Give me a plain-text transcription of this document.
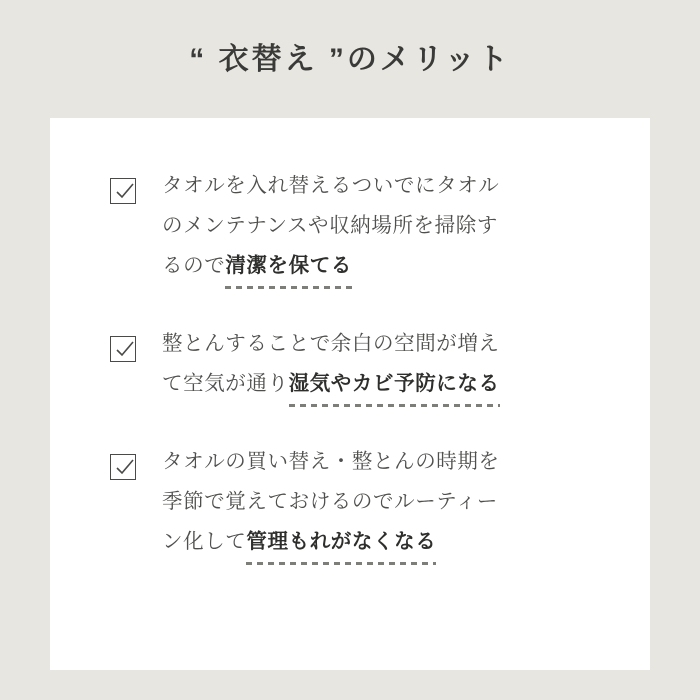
“ 衣替え ”のメリット
タオルを入れ替えるついでにタオル
のメンテナンスや収納場所を掃除す
るので清潔を保てる
整とんすることで余白の空間が増え
て空気が通り湿気やカビ予防になる
タオルの買い替え・整とんの時期を
季節で覚えておけるのでルーティー
ン化して管理もれがなくなる
